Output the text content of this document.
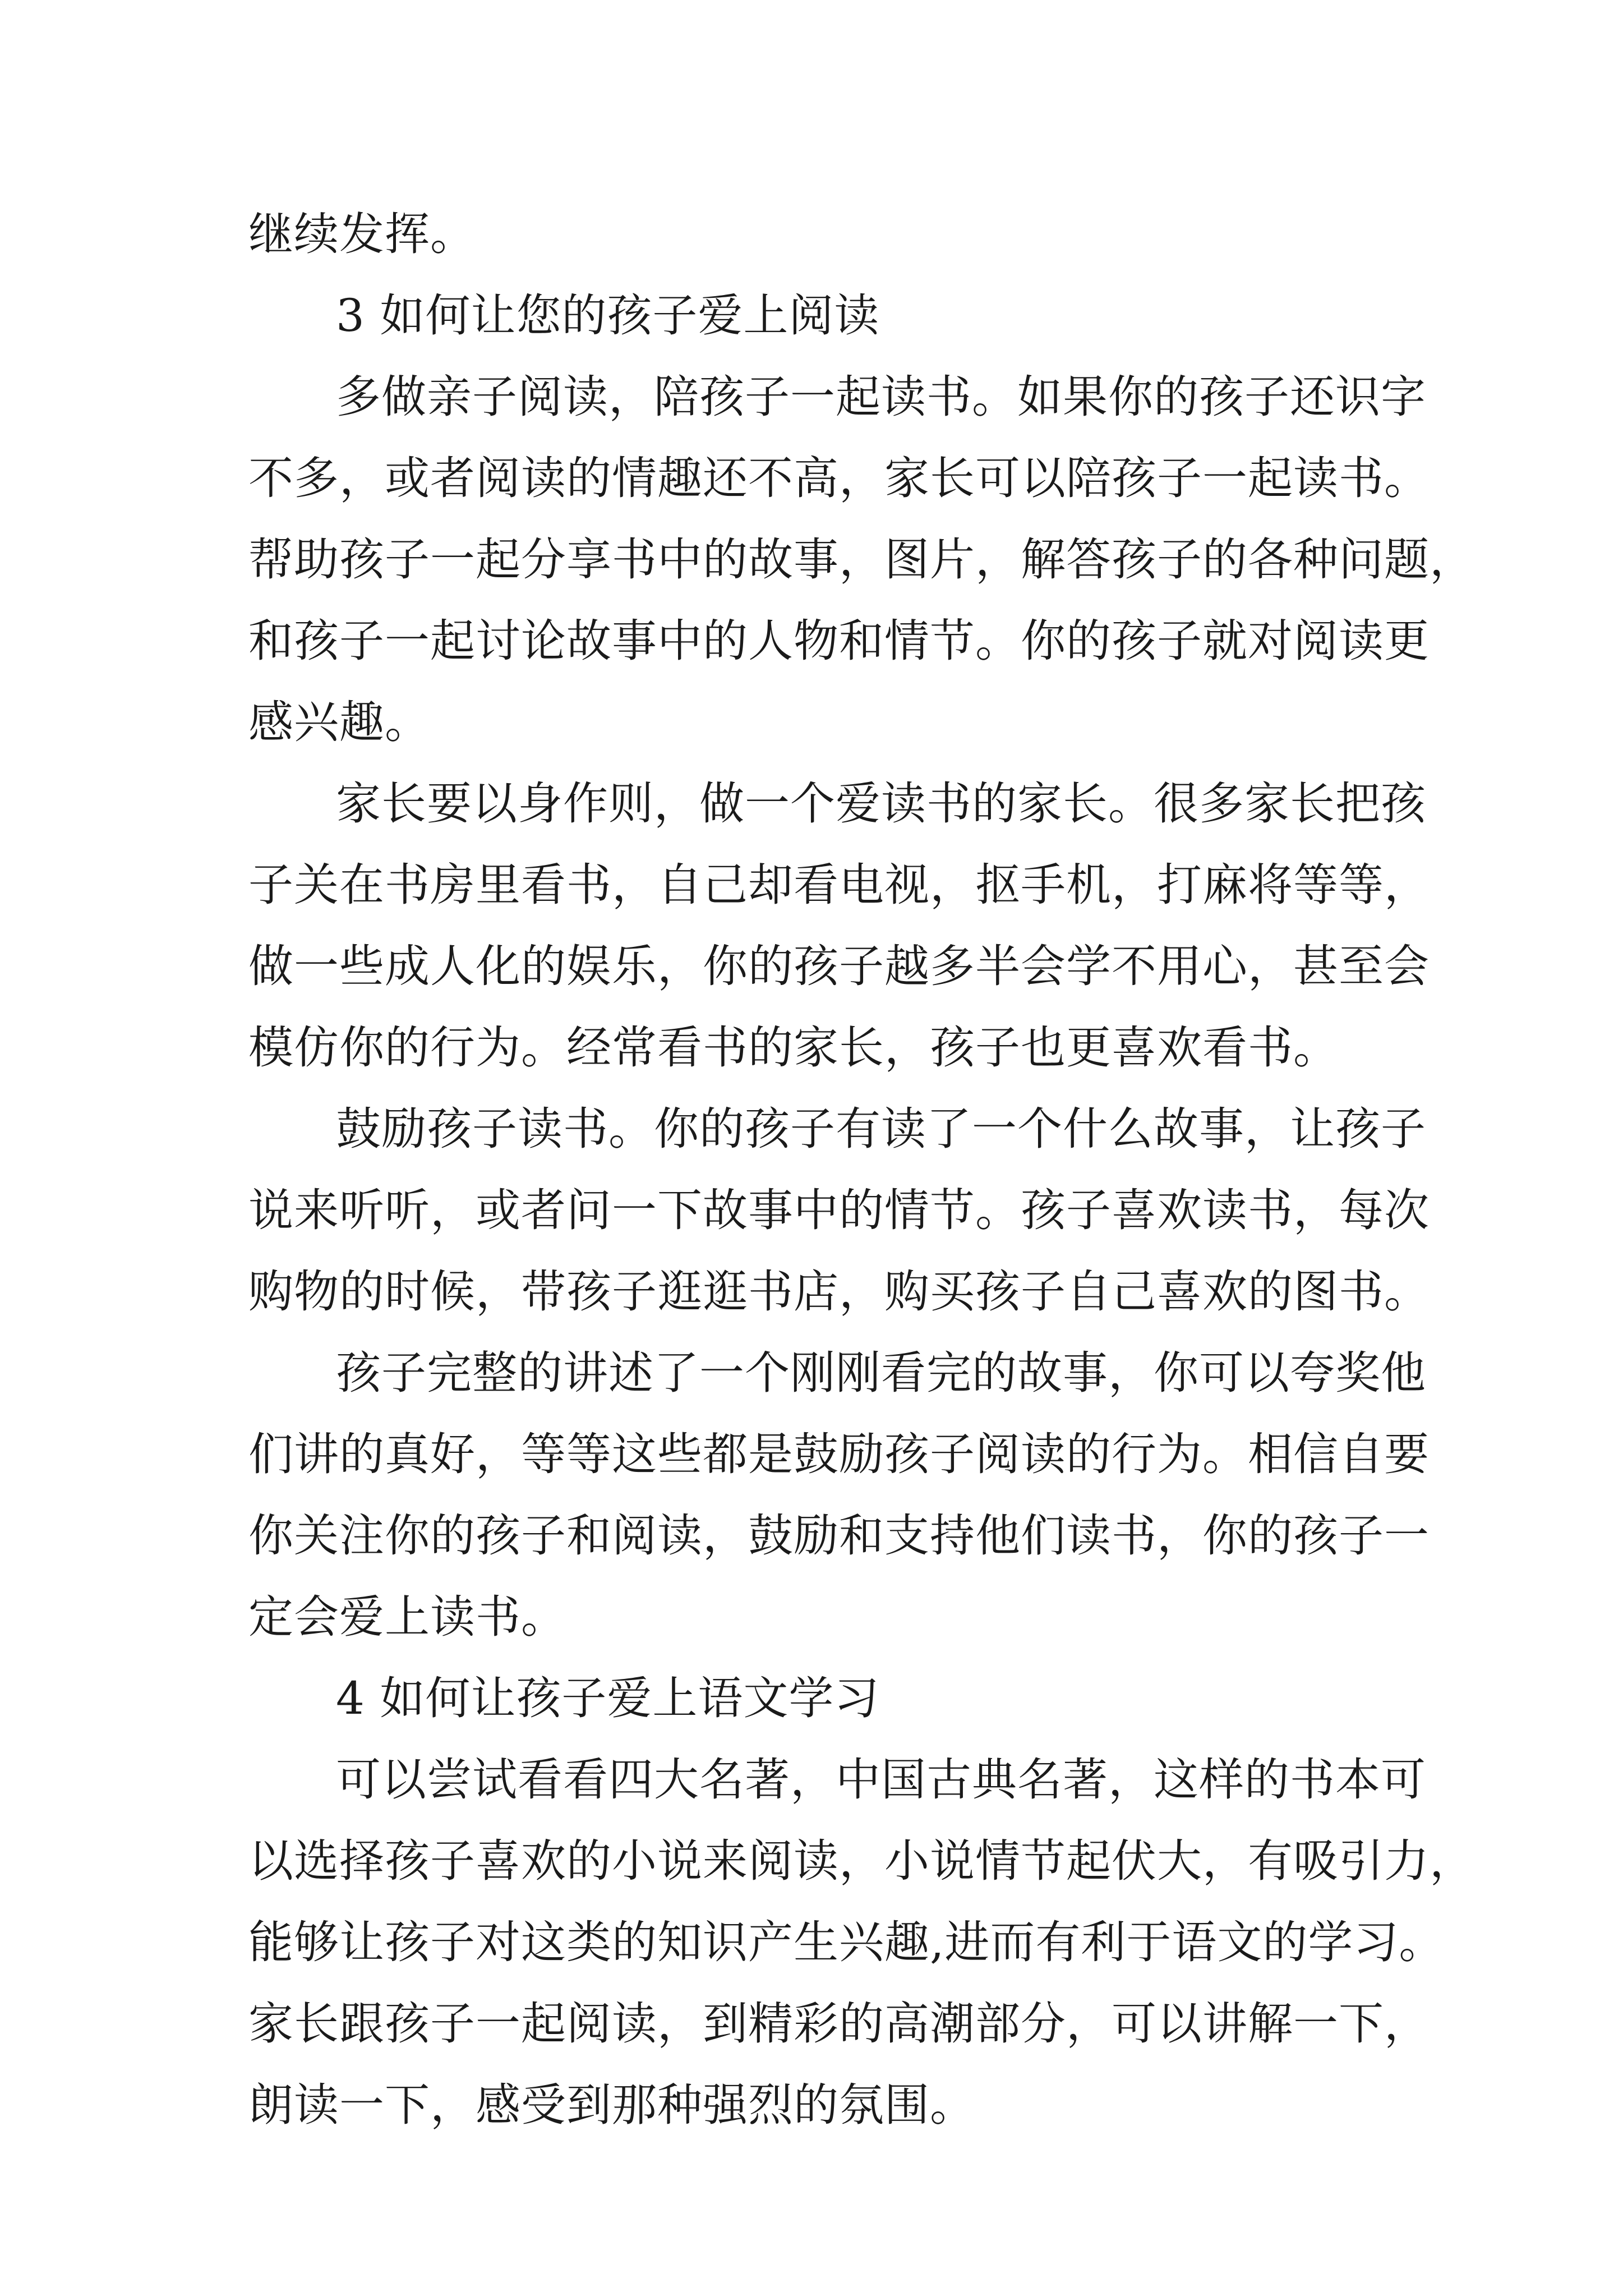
继续发挥。
3 如何让您的孩子爱上阅读
多做亲子阅读，陪孩子一起读书。如果你的孩子还识字
不多，或者阅读的情趣还不高，家长可以陪孩子一起读书。
帮助孩子一起分享书中的故事，图片，解答孩子的各种问题，
和孩子一起讨论故事中的人物和情节。你的孩子就对阅读更
感兴趣。
家长要以身作则，做一个爱读书的家长。很多家长把孩
子关在书房里看书，自己却看电视，抠手机，打麻将等等，
做一些成人化的娱乐，你的孩子越多半会学不用心，甚至会
模仿你的行为。经常看书的家长，孩子也更喜欢看书。
鼓励孩子读书。你的孩子有读了一个什么故事，让孩子
说来听听，或者问一下故事中的情节。孩子喜欢读书，每次
购物的时候，带孩子逛逛书店，购买孩子自己喜欢的图书。
孩子完整的讲述了一个刚刚看完的故事，你可以夸奖他
们讲的真好，等等这些都是鼓励孩子阅读的行为。相信自要
你关注你的孩子和阅读，鼓励和支持他们读书，你的孩子一
定会爱上读书。
4 如何让孩子爱上语文学习
可以尝试看看四大名著，中国古典名著，这样的书本可
以选择孩子喜欢的小说来阅读，小说情节起伏大，有吸引力，
能够让孩子对这类的知识产生兴趣,进而有利于语文的学习。
家长跟孩子一起阅读，到精彩的高潮部分，可以讲解一下，
朗读一下，感受到那种强烈的氛围。
